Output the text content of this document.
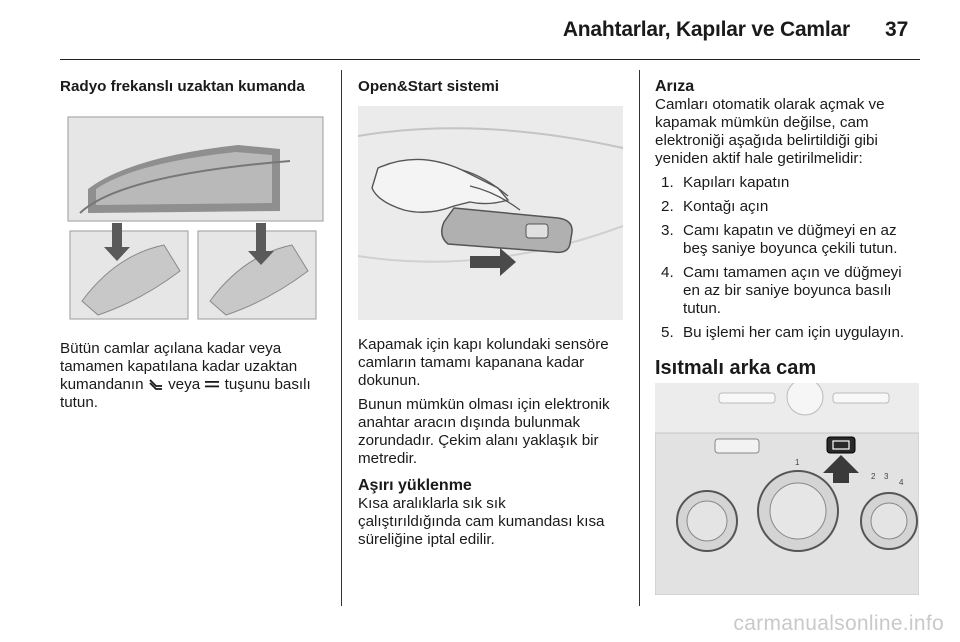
Anahtarlar, Kapılar ve Camlar 37

Radyo frekanslı uzaktan kumanda

Bütün camlar açılana kadar veya
tamamen kapatılana kadar uzaktan
kumandanın veya tuşunu basılı
tutun.

Open&Start sistemi

Kapamak için kapı kolundaki sensöre
camların tamamı kapanana kadar
dokunun.

Bunun mümkün olması için elektronik
anahtar aracın dışında bulunmak
zorundadır. Çekim alanı yaklaşık bir
metredir.

Aşırı yüklenme

Kısa aralıklarla sık sık
çalıştırıldığında cam kumandası kısa
süreliğine iptal edilir.

Arıza

Camları otomatik olarak açmak ve
kapamak mümkün değilse, cam
elektroniği aşağıda belirtildiği gibi
yeniden aktif hale getirilmelidir:

1. Kapıları kapatın
2. Kontağı açın
3. Camı kapatın ve düğmeyi en az
beş saniye boyunca çekili tutun.
4. Camı tamamen açın ve düğmeyi
en az bir saniye boyunca basılı
tutun.
5. Bu işlemi her cam için uygulayın.

Isıtmalı arka cam

1
2 3
4
carmanualsonline.info
